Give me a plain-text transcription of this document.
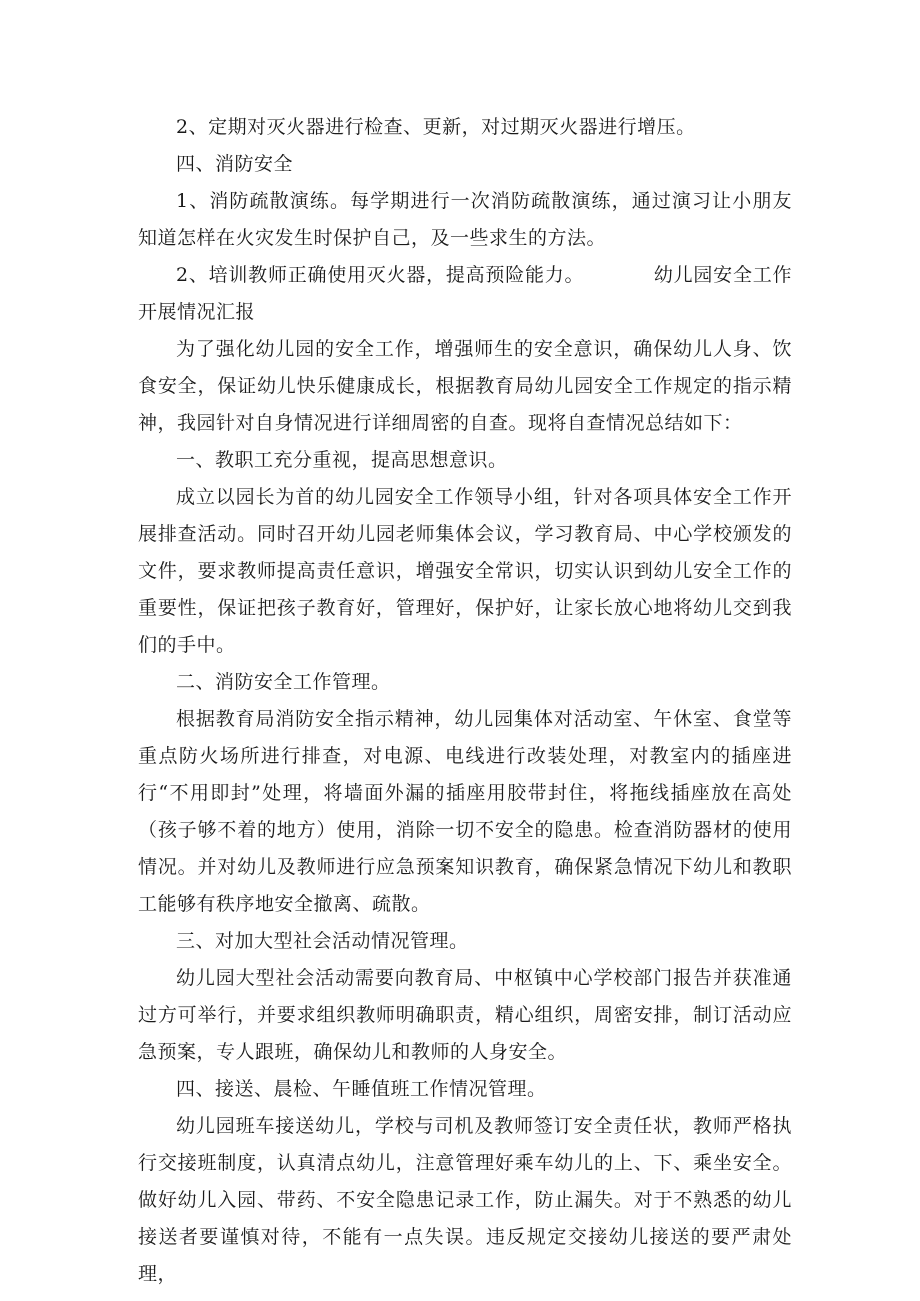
2、定期对灭火器进行检查、更新，对过期灭火器进行增压。

四、消防安全

1、消防疏散演练。每学期进行一次消防疏散演练，通过演习让小朋友知道怎样在火灾发生时保护自己，及一些求生的方法。

2、培训教师正确使用灭火器，提高预险能力。　　　　幼儿园安全工作开展情况汇报

为了强化幼儿园的安全工作，增强师生的安全意识，确保幼儿人身、饮食安全，保证幼儿快乐健康成长，根据教育局幼儿园安全工作规定的指示精神，我园针对自身情况进行详细周密的自查。现将自查情况总结如下：

一、教职工充分重视，提高思想意识。

成立以园长为首的幼儿园安全工作领导小组，针对各项具体安全工作开展排查活动。同时召开幼儿园老师集体会议，学习教育局、中心学校颁发的文件，要求教师提高责任意识，增强安全常识，切实认识到幼儿安全工作的重要性，保证把孩子教育好，管理好，保护好，让家长放心地将幼儿交到我们的手中。

二、消防安全工作管理。

根据教育局消防安全指示精神，幼儿园集体对活动室、午休室、食堂等重点防火场所进行排查，对电源、电线进行改装处理，对教室内的插座进行“不用即封”处理，将墙面外漏的插座用胶带封住，将拖线插座放在高处（孩子够不着的地方）使用，消除一切不安全的隐患。检查消防器材的使用情况。并对幼儿及教师进行应急预案知识教育，确保紧急情况下幼儿和教职工能够有秩序地安全撤离、疏散。

三、对加大型社会活动情况管理。

幼儿园大型社会活动需要向教育局、中枢镇中心学校部门报告并获准通过方可举行，并要求组织教师明确职责，精心组织，周密安排，制订活动应急预案，专人跟班，确保幼儿和教师的人身安全。

四、接送、晨检、午睡值班工作情况管理。

幼儿园班车接送幼儿，学校与司机及教师签订安全责任状，教师严格执行交接班制度，认真清点幼儿，注意管理好乘车幼儿的上、下、乘坐安全。做好幼儿入园、带药、不安全隐患记录工作，防止漏失。对于不熟悉的幼儿接送者要谨慎对待，不能有一点失误。违反规定交接幼儿接送的要严肃处理，
